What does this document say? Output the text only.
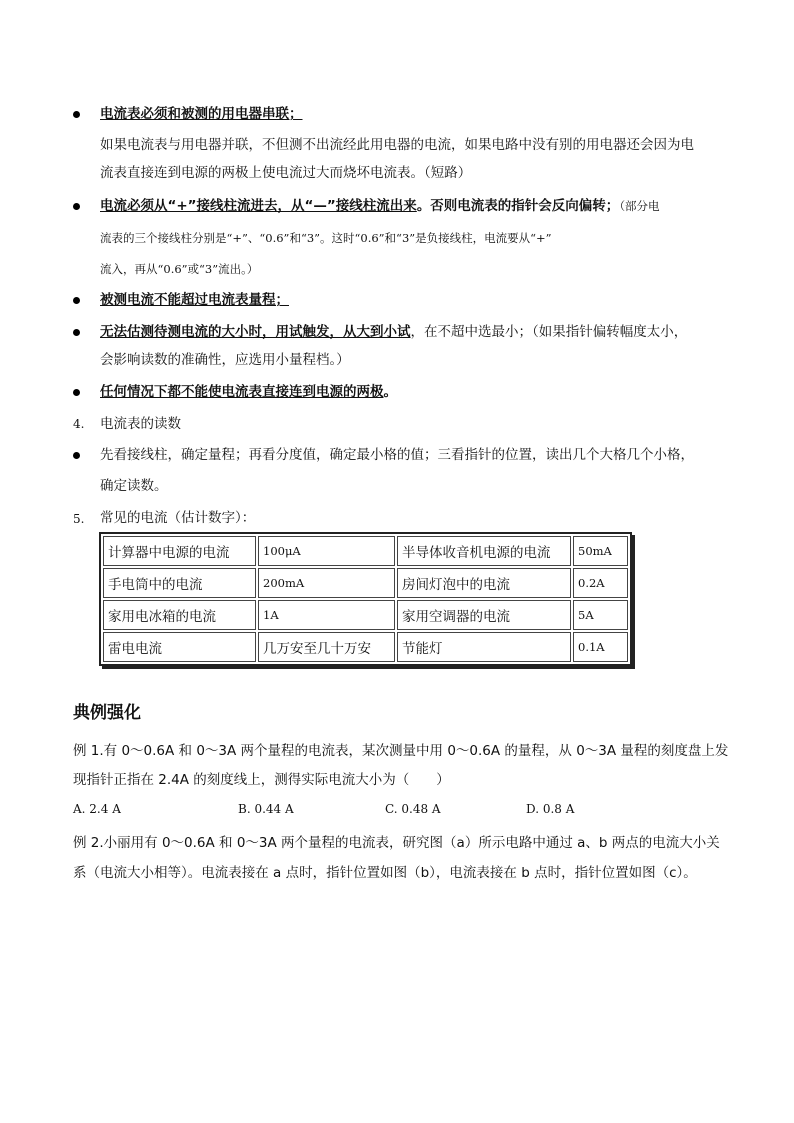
电流表必须和被测的用电器串联；
如果电流表与用电器并联，不但测不出流经此用电器的电流，如果电路中没有别的用电器还会因为电
流表直接连到电源的两极上使电流过大而烧坏电流表。（短路）
电流必须从“+”接线柱流进去，从“—”接线柱流出来。否则电流表的指针会反向偏转；（部分电
流表的三个接线柱分别是“+”、“0.6”和“3”。这时“0.6”和“3”是负接线柱，电流要从“+”
流入，再从“0.6”或“3”流出。）
被测电流不能超过电流表量程；
无法估测待测电流的大小时，用试触发，从大到小试，在不超中选最小；（如果指针偏转幅度太小，
会影响读数的准确性，应选用小量程档。）
任何情况下都不能使电流表直接连到电源的两极。
4. 电流表的读数
先看接线柱，确定量程；再看分度值，确定最小格的值；三看指针的位置，读出几个大格几个小格，
确定读数。
5. 常见的电流（估计数字）：
计算器中电源的电流	100μA	半导体收音机电源的电流	50mA
手电筒中的电流	200mA	房间灯泡中的电流	0.2A
家用电冰箱的电流	1A	家用空调器的电流	5A
雷电电流	几万安至几十万安	节能灯	0.1A
典例强化
例 1.有 0～0.6A 和 0～3A 两个量程的电流表，某次测量中用 0～0.6A 的量程，从 0～3A 量程的刻度盘上发
现指针正指在 2.4A 的刻度线上，测得实际电流大小为（　　）
A. 2.4 A	B. 0.44 A	C. 0.48 A	D. 0.8 A
例 2.小丽用有 0～0.6A 和 0～3A 两个量程的电流表，研究图（a）所示电路中通过 a、b 两点的电流大小关
系（电流大小相等）。电流表接在 a 点时，指针位置如图（b），电流表接在 b 点时，指针位置如图（c）。
